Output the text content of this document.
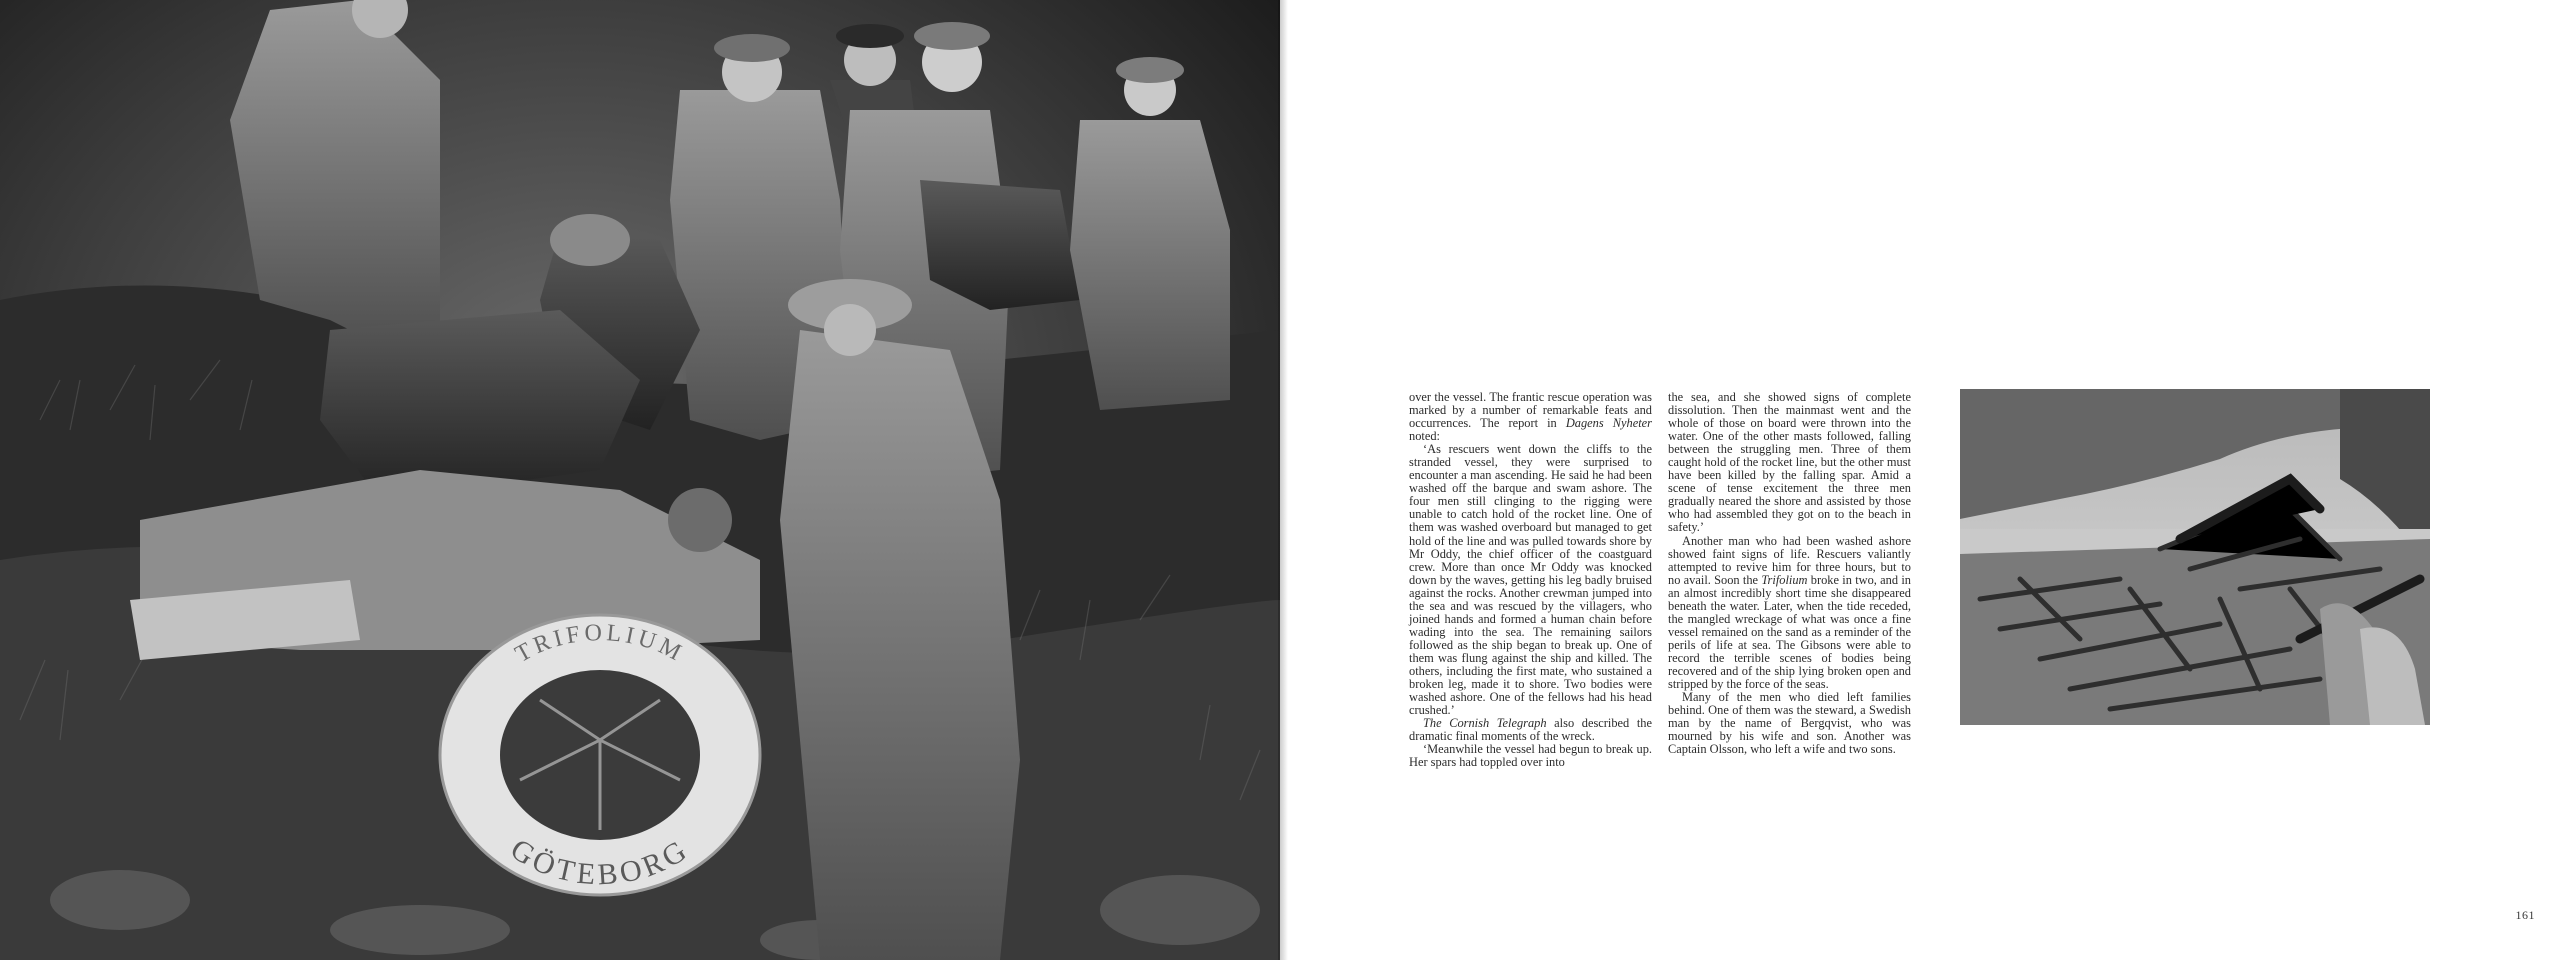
TRIFOLIUM
GÖTEBORG

over the vessel. The frantic rescue operation was marked by a number of remarkable feats and occurrences. The report in Dagens Nyheter noted:

‘As rescuers went down the cliffs to the stranded vessel, they were surprised to encounter a man ascending. He said he had been washed off the barque and swam ashore. The four men still clinging to the rigging were unable to catch hold of the rocket line. One of them was washed overboard but managed to get hold of the line and was pulled towards shore by Mr Oddy, the chief officer of the coastguard crew. More than once Mr Oddy was knocked down by the waves, getting his leg badly bruised against the rocks. Another crewman jumped into the sea and was rescued by the villagers, who joined hands and formed a human chain before wading into the sea. The remaining sailors followed as the ship began to break up. One of them was flung against the ship and killed. The others, including the first mate, who sustained a broken leg, made it to shore. Two bodies were washed ashore. One of the fellows had his head crushed.’

The Cornish Telegraph also described the dramatic final moments of the wreck.

‘Meanwhile the vessel had begun to break up. Her spars had toppled over into

the sea, and she showed signs of complete dissolution. Then the mainmast went and the whole of those on board were thrown into the water. One of the other masts followed, falling between the struggling men. Three of them caught hold of the rocket line, but the other must have been killed by the falling spar. Amid a scene of tense excitement the three men gradually neared the shore and assisted by those who had assembled they got on to the beach in safety.’

Another man who had been washed ashore showed faint signs of life. Rescuers valiantly attempted to revive him for three hours, but to no avail. Soon the Trifolium broke in two, and in an almost incredibly short time she disappeared beneath the water. Later, when the tide receded, the mangled wreckage of what was once a fine vessel remained on the sand as a reminder of the perils of life at sea. The Gibsons were able to record the terrible scenes of bodies being recovered and of the ship lying broken open and stripped by the force of the seas.

Many of the men who died left families behind. One of them was the steward, a Swedish man by the name of Bergqvist, who was mourned by his wife and son. Another was Captain Olsson, who left a wife and two sons.

161
